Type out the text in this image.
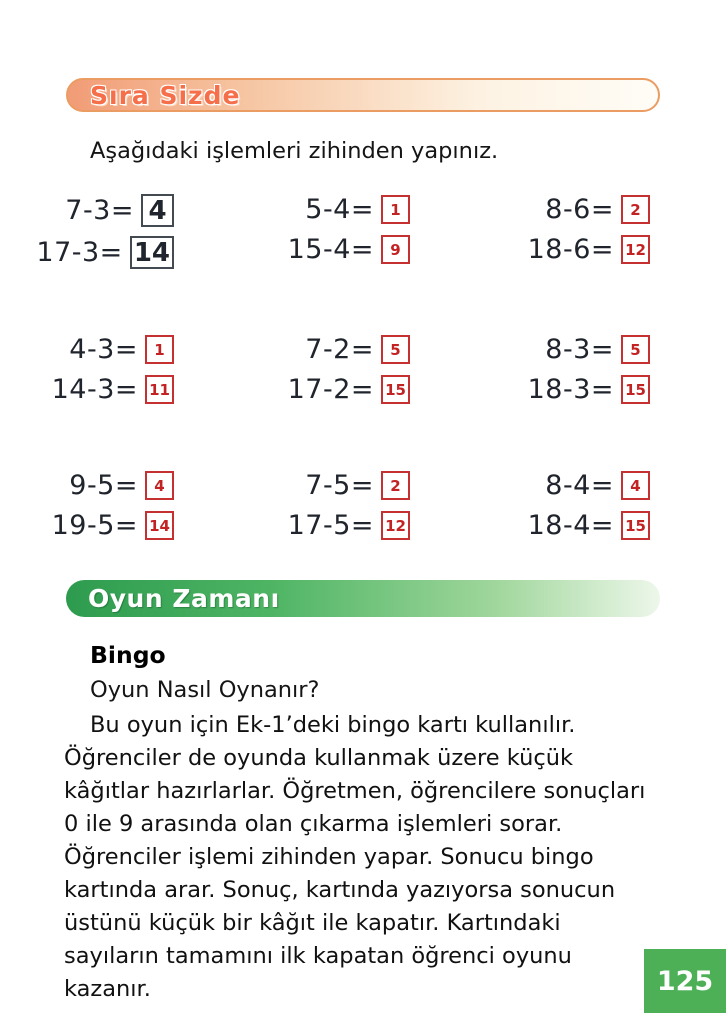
Sıra Sizde

Aşağıdaki işlemleri zihinden yapınız.

7-3= 4
17-3= 14
5-4=	1
15-4=	9
8-6=	2
18-6= 12
4-3=	1
14-3= 11
7-2=	5
17-2= 15
8-3=	5
18-3= 15
9-5=	4
19-5= 14
7-5=	2
17-5= 12
8-4=	4
18-4= 15
Oyun Zamanı

Bingo

Oyun Nasıl Oynanır?

Bu oyun için Ek-1’deki bingo kartı kullanılır. Öğrenciler de oyunda kullanmak üzere küçük kâğıtlar hazırlarlar. Öğretmen, öğrencilere sonuçları 0 ile 9 arasında olan çıkarma işlemleri sorar. Öğrenciler işlemi zihinden yapar. Sonucu bingo kartında arar. Sonuç, kartında yazıyorsa sonucun üstünü küçük bir kâğıt ile kapatır. Kartındaki sayıların tamamını ilk kapatan öğrenci oyunu kazanır.	125
